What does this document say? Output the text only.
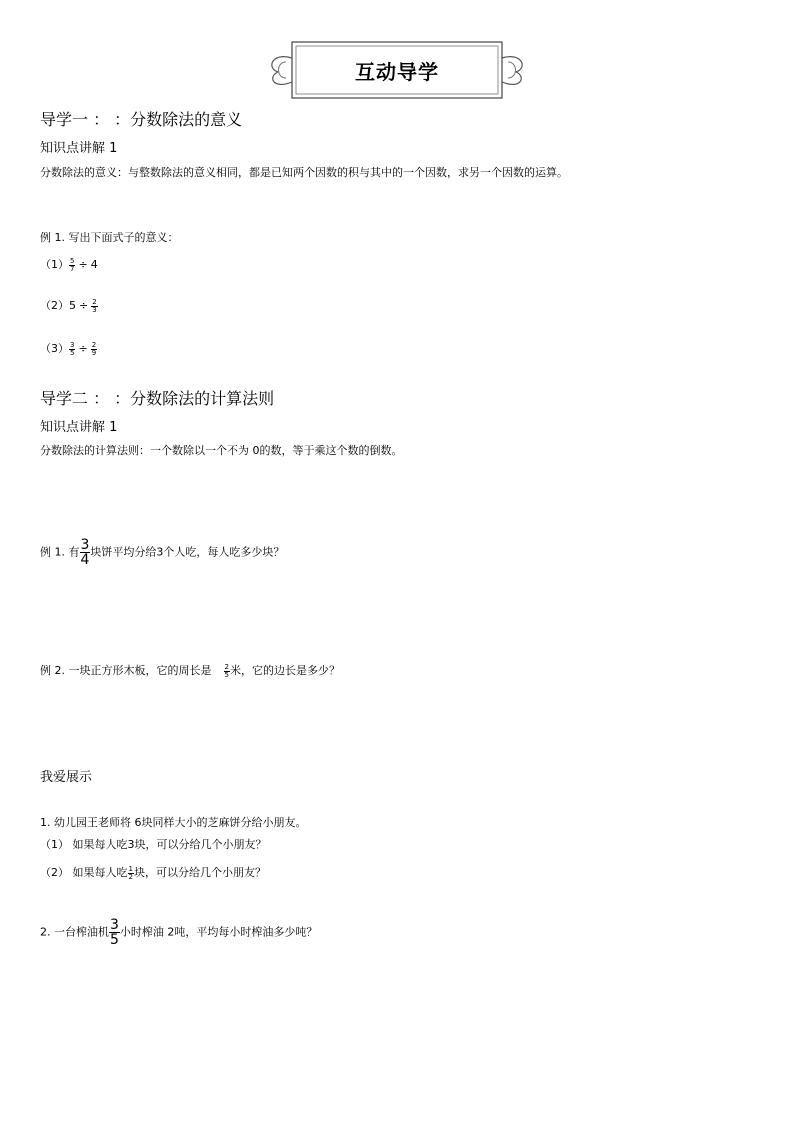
互动导学
导学一 ： ：分数除法的意义
知识点讲解 1
分数除法的意义：与整数除法的意义相同，都是已知两个因数的积与其中的一个因数，求另一个因数的运算。
例 1. 写出下面式子的意义：
$(1) \frac{5}{7} \div 4$
$(2)5 \div \frac{2}{3}$
$(3) \frac{3}{5} \div \frac{2}{9}$
导学二 ： ：分数除法的计算法则
知识点讲解 1
分数除法的计算法则：一个数除以一个不为 0的数，等于乘这个数的倒数。
例 1. 有 $\frac{3}{4}$ 块饼平均分给3个人吃，每人吃多少块？
例 2. 一块正方形木板，它的周长是 $\frac{2}{5}$ 米，它的边长是多少？
我爱展示
1. 幼儿园王老师将 6块同样大小的芝麻饼分给小朋友。
（1） 如果每人吃3块，可以分给几个小朋友？
（2） 如果每人吃 $\frac{1}{2}$ 块，可以分给几个小朋友？
2. 一台榨油机 $\frac{3}{5}$ 小时榨油 2吨，平均每小时榨油多少吨？
